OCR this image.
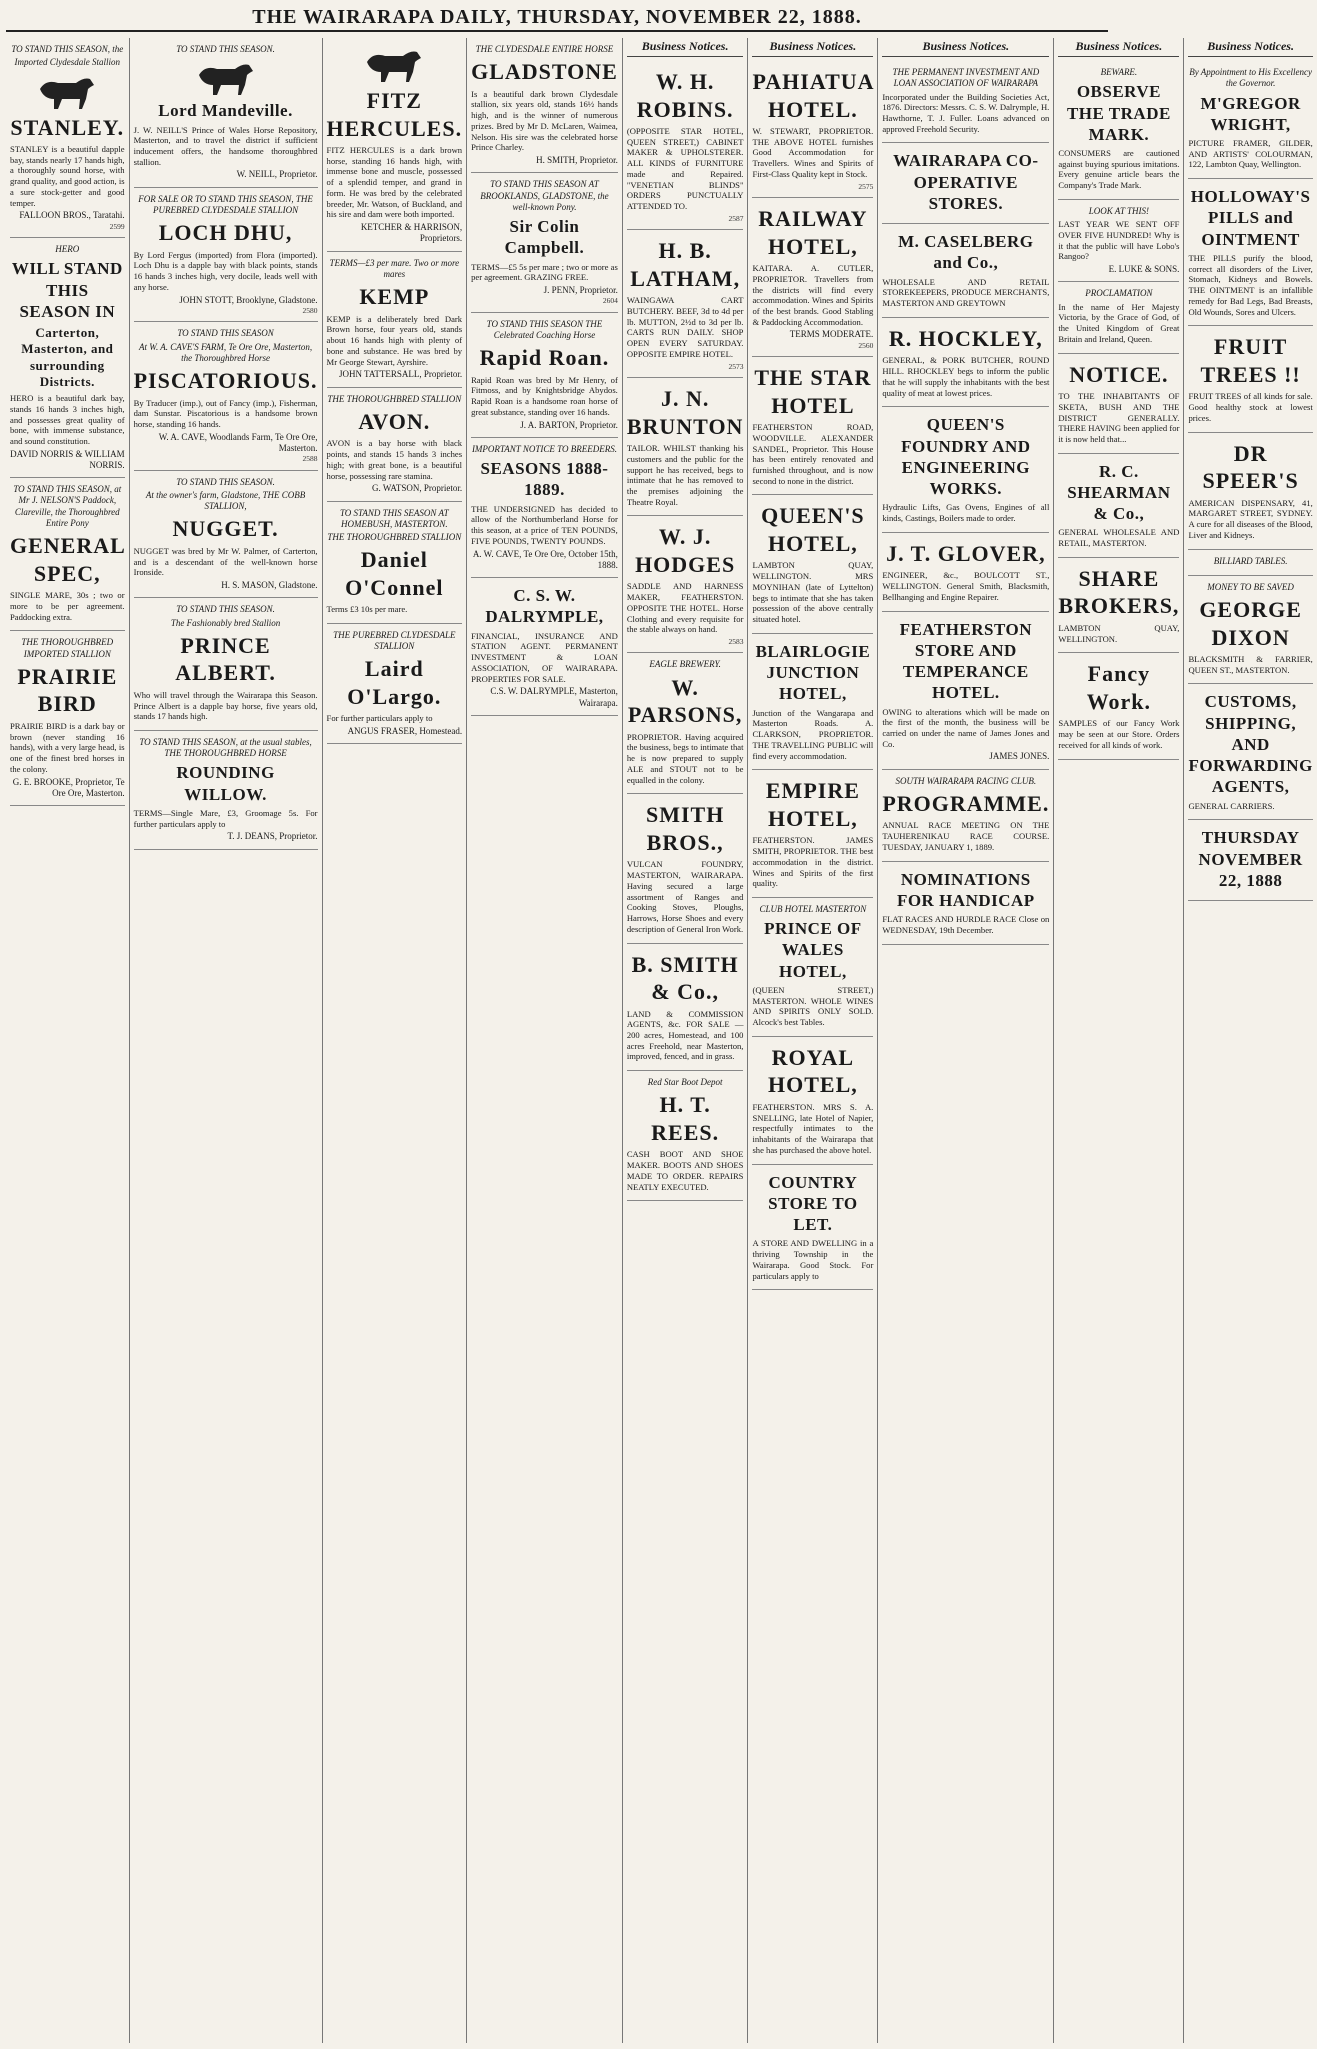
THE WAIRARAPA DAILY, THURSDAY, NOVEMBER 22, 1888.
TO STAND THIS SEASON, the
Imported Clydesdale Stallion
STANLEY.
STANLEY is a beautiful dapple bay, stands nearly 17 hands high, a thoroughly sound horse, with grand quality, and good action, is a sure stock-getter and good temper.
FALLOON BROS., Taratahi.
2599
HERO
WILL STAND THIS SEASON IN
Carterton, Masterton, and surrounding Districts.
HERO is a beautiful dark bay, stands 16 hands 3 inches high, and possesses great quality of bone, with immense substance, and sound constitution.
DAVID NORRIS & WILLIAM NORRIS.
TO STAND THIS SEASON, at Mr J. NELSON'S Paddock, Clareville, the Thoroughbred Entire Pony
GENERAL SPEC,
SINGLE MARE, 30s ; two or more to be per agreement. Paddocking extra.
THE THOROUGHBRED IMPORTED STALLION
PRAIRIE BIRD
PRAIRIE BIRD is a dark bay or brown (never standing 16 hands), with a very large head, is one of the finest bred horses in the colony.
G. E. BROOKE, Proprietor, Te Ore Ore, Masterton.
TO STAND THIS SEASON.
Lord Mandeville.
J. W. NEILL'S Prince of Wales Horse Repository, Masterton, and to travel the district if sufficient inducement offers, the handsome thoroughbred stallion.
W. NEILL, Proprietor.
FOR SALE OR TO STAND THIS SEASON, THE PUREBRED CLYDESDALE STALLION
LOCH DHU,
By Lord Fergus (imported) from Flora (imported). Loch Dhu is a dapple bay with black points, stands 16 hands 3 inches high, very docile, leads well with any horse.
JOHN STOTT, Brooklyne, Gladstone.
2580
TO STAND THIS SEASON
At W. A. CAVE'S FARM, Te Ore Ore, Masterton, the Thoroughbred Horse
PISCATORIOUS.
By Traducer (imp.), out of Fancy (imp.), Fisherman, dam Sunstar. Piscatorious is a handsome brown horse, standing 16 hands.
W. A. CAVE, Woodlands Farm, Te Ore Ore, Masterton.
2588
TO STAND THIS SEASON.
At the owner's farm, Gladstone, THE COBB STALLION,
NUGGET.
NUGGET was bred by Mr W. Palmer, of Carterton, and is a descendant of the well-known horse Ironside.
H. S. MASON, Gladstone.
TO STAND THIS SEASON.
The Fashionably bred Stallion
PRINCE ALBERT.
Who will travel through the Wairarapa this Season. Prince Albert is a dapple bay horse, five years old, stands 17 hands high.
TO STAND THIS SEASON, at the usual stables, THE THOROUGHBRED HORSE
ROUNDING WILLOW.
TERMS—Single Mare, £3, Groomage 5s. For further particulars apply to
T. J. DEANS, Proprietor.
FITZ HERCULES.
FITZ HERCULES is a dark brown horse, standing 16 hands high, with immense bone and muscle, possessed of a splendid temper, and grand in form. He was bred by the celebrated breeder, Mr. Watson, of Buckland, and his sire and dam were both imported.
KETCHER & HARRISON, Proprietors.
TERMS—£3 per mare. Two or more mares
KEMP
KEMP is a deliberately bred Dark Brown horse, four years old, stands about 16 hands high with plenty of bone and substance. He was bred by Mr George Stewart, Ayrshire.
JOHN TATTERSALL, Proprietor.
THE THOROUGHBRED STALLION
AVON.
AVON is a bay horse with black points, and stands 15 hands 3 inches high; with great bone, is a beautiful horse, possessing rare stamina.
G. WATSON, Proprietor.
TO STAND THIS SEASON AT HOMEBUSH, MASTERTON.
THE THOROUGHBRED STALLION
Daniel O'Connel
Terms £3 10s per mare.
THE PUREBRED CLYDESDALE STALLION
Laird O'Largo.
For further particulars apply to
ANGUS FRASER, Homestead.
THE CLYDESDALE ENTIRE HORSE
GLADSTONE
Is a beautiful dark brown Clydesdale stallion, six years old, stands 16½ hands high, and is the winner of numerous prizes. Bred by Mr D. McLaren, Waimea, Nelson. His sire was the celebrated horse Prince Charley.
H. SMITH, Proprietor.
TO STAND THIS SEASON AT BROOKLANDS, GLADSTONE, the well-known Pony.
Sir Colin Campbell.
TERMS—£5 5s per mare ; two or more as per agreement. GRAZING FREE.
J. PENN, Proprietor.
2604
TO STAND THIS SEASON THE Celebrated Coaching Horse
Rapid Roan.
Rapid Roan was bred by Mr Henry, of Fitmoss, and by Knightsbridge Abydos. Rapid Roan is a handsome roan horse of great substance, standing over 16 hands.
J. A. BARTON, Proprietor.
IMPORTANT NOTICE TO BREEDERS.
SEASONS 1888-1889.
THE UNDERSIGNED has decided to allow of the Northumberland Horse for this season, at a price of TEN POUNDS, FIVE POUNDS, TWENTY POUNDS.
A. W. CAVE, Te Ore Ore, October 15th, 1888.
C. S. W. DALRYMPLE,
FINANCIAL, INSURANCE AND STATION AGENT. PERMANENT INVESTMENT & LOAN ASSOCIATION, OF WAIRARAPA. PROPERTIES FOR SALE.
C.S. W. DALRYMPLE, Masterton, Wairarapa.
Business Notices.
W. H. ROBINS.
(OPPOSITE STAR HOTEL, QUEEN STREET,) CABINET MAKER & UPHOLSTERER. ALL KINDS of FURNITURE made and Repaired. "VENETIAN BLINDS" ORDERS PUNCTUALLY ATTENDED TO.
2587
H. B. LATHAM,
WAINGAWA CART BUTCHERY. BEEF, 3d to 4d per lb. MUTTON, 2½d to 3d per lb. CARTS RUN DAILY. SHOP OPEN EVERY SATURDAY. OPPOSITE EMPIRE HOTEL.
2573
J. N. BRUNTON
TAILOR. WHILST thanking his customers and the public for the support he has received, begs to intimate that he has removed to the premises adjoining the Theatre Royal.
W. J. HODGES
SADDLE AND HARNESS MAKER, FEATHERSTON. OPPOSITE THE HOTEL. Horse Clothing and every requisite for the stable always on hand.
2583
EAGLE BREWERY.
W. PARSONS,
PROPRIETOR. Having acquired the business, begs to intimate that he is now prepared to supply ALE and STOUT not to be equalled in the colony.
SMITH BROS.,
VULCAN FOUNDRY, MASTERTON, WAIRARAPA. Having secured a large assortment of Ranges and Cooking Stoves, Ploughs, Harrows, Horse Shoes and every description of General Iron Work.
B. SMITH & Co.,
LAND & COMMISSION AGENTS, &c. FOR SALE — 200 acres, Homestead, and 100 acres Freehold, near Masterton, improved, fenced, and in grass.
Red Star Boot Depot
H. T. REES.
CASH BOOT AND SHOE MAKER. BOOTS AND SHOES MADE TO ORDER. REPAIRS NEATLY EXECUTED.
Business Notices.
PAHIATUA HOTEL.
W. STEWART, PROPRIETOR. THE ABOVE HOTEL furnishes Good Accommodation for Travellers. Wines and Spirits of First-Class Quality kept in Stock.
2575
RAILWAY HOTEL,
KAITARA. A. CUTLER, PROPRIETOR. Travellers from the districts will find every accommodation. Wines and Spirits of the best brands. Good Stabling & Paddocking Accommodation.
TERMS MODERATE.
2560
THE STAR HOTEL
FEATHERSTON ROAD, WOODVILLE. ALEXANDER SANDEL, Proprietor. This House has been entirely renovated and furnished throughout, and is now second to none in the district.
QUEEN'S HOTEL,
LAMBTON QUAY, WELLINGTON. MRS MOYNIHAN (late of Lyttelton) begs to intimate that she has taken possession of the above centrally situated hotel.
BLAIRLOGIE JUNCTION HOTEL,
Junction of the Wangarapa and Masterton Roads. A. CLARKSON, PROPRIETOR. THE TRAVELLING PUBLIC will find every accommodation.
EMPIRE HOTEL,
FEATHERSTON. JAMES SMITH, PROPRIETOR. THE best accommodation in the district. Wines and Spirits of the first quality.
CLUB HOTEL MASTERTON
PRINCE OF WALES HOTEL,
(QUEEN STREET,) MASTERTON. WHOLE WINES AND SPIRITS ONLY SOLD. Alcock's best Tables.
ROYAL HOTEL,
FEATHERSTON. MRS S. A. SNELLING, late Hotel of Napier, respectfully intimates to the inhabitants of the Wairarapa that she has purchased the above hotel.
COUNTRY STORE TO LET.
A STORE AND DWELLING in a thriving Township in the Wairarapa. Good Stock. For particulars apply to
Business Notices.
THE PERMANENT INVESTMENT AND LOAN ASSOCIATION OF WAIRARAPA
Incorporated under the Building Societies Act, 1876. Directors: Messrs. C. S. W. Dalrymple, H. Hawthorne, T. J. Fuller. Loans advanced on approved Freehold Security.
WAIRARAPA CO-OPERATIVE STORES.
M. CASELBERG and Co.,
WHOLESALE AND RETAIL STOREKEEPERS, PRODUCE MERCHANTS, MASTERTON AND GREYTOWN
R. HOCKLEY,
GENERAL, & PORK BUTCHER, ROUND HILL. RHOCKLEY begs to inform the public that he will supply the inhabitants with the best quality of meat at lowest prices.
QUEEN'S FOUNDRY AND ENGINEERING WORKS.
Hydraulic Lifts, Gas Ovens, Engines of all kinds, Castings, Boilers made to order.
J. T. GLOVER,
ENGINEER, &c., BOULCOTT ST., WELLINGTON. General Smith, Blacksmith, Bellhanging and Engine Repairer.
FEATHERSTON STORE AND TEMPERANCE HOTEL.
OWING to alterations which will be made on the first of the month, the business will be carried on under the name of James Jones and Co.
JAMES JONES.
SOUTH WAIRARAPA RACING CLUB.
PROGRAMME.
ANNUAL RACE MEETING ON THE TAUHERENIKAU RACE COURSE. TUESDAY, JANUARY 1, 1889.
NOMINATIONS FOR HANDICAP
FLAT RACES AND HURDLE RACE Close on WEDNESDAY, 19th December.
Business Notices.
BEWARE.
OBSERVE THE TRADE MARK.
CONSUMERS are cautioned against buying spurious imitations. Every genuine article bears the Company's Trade Mark.
LOOK AT THIS!
LAST YEAR WE SENT OFF OVER FIVE HUNDRED! Why is it that the public will have Lobo's Rangoo?
E. LUKE & SONS.
PROCLAMATION
In the name of Her Majesty Victoria, by the Grace of God, of the United Kingdom of Great Britain and Ireland, Queen.
NOTICE.
TO THE INHABITANTS OF SKETA, BUSH AND THE DISTRICT GENERALLY. THERE HAVING been applied for it is now held that...
R. C. SHEARMAN & Co.,
GENERAL WHOLESALE AND RETAIL, MASTERTON.
SHARE BROKERS,
LAMBTON QUAY, WELLINGTON.
Fancy Work.
SAMPLES of our Fancy Work may be seen at our Store. Orders received for all kinds of work.
Business Notices.
By Appointment to His Excellency the Governor.
M'GREGOR WRIGHT,
PICTURE FRAMER, GILDER, AND ARTISTS' COLOURMAN, 122, Lambton Quay, Wellington.
HOLLOWAY'S PILLS and OINTMENT
THE PILLS purify the blood, correct all disorders of the Liver, Stomach, Kidneys and Bowels. THE OINTMENT is an infallible remedy for Bad Legs, Bad Breasts, Old Wounds, Sores and Ulcers.
FRUIT TREES !!
FRUIT TREES of all kinds for sale. Good healthy stock at lowest prices.
DR SPEER'S
AMERICAN DISPENSARY, 41, MARGARET STREET, SYDNEY. A cure for all diseases of the Blood, Liver and Kidneys.
BILLIARD TABLES.
MONEY TO BE SAVED
GEORGE DIXON
BLACKSMITH & FARRIER, QUEEN ST., MASTERTON.
CUSTOMS, SHIPPING, AND FORWARDING AGENTS,
GENERAL CARRIERS.
THURSDAY NOVEMBER 22, 1888
